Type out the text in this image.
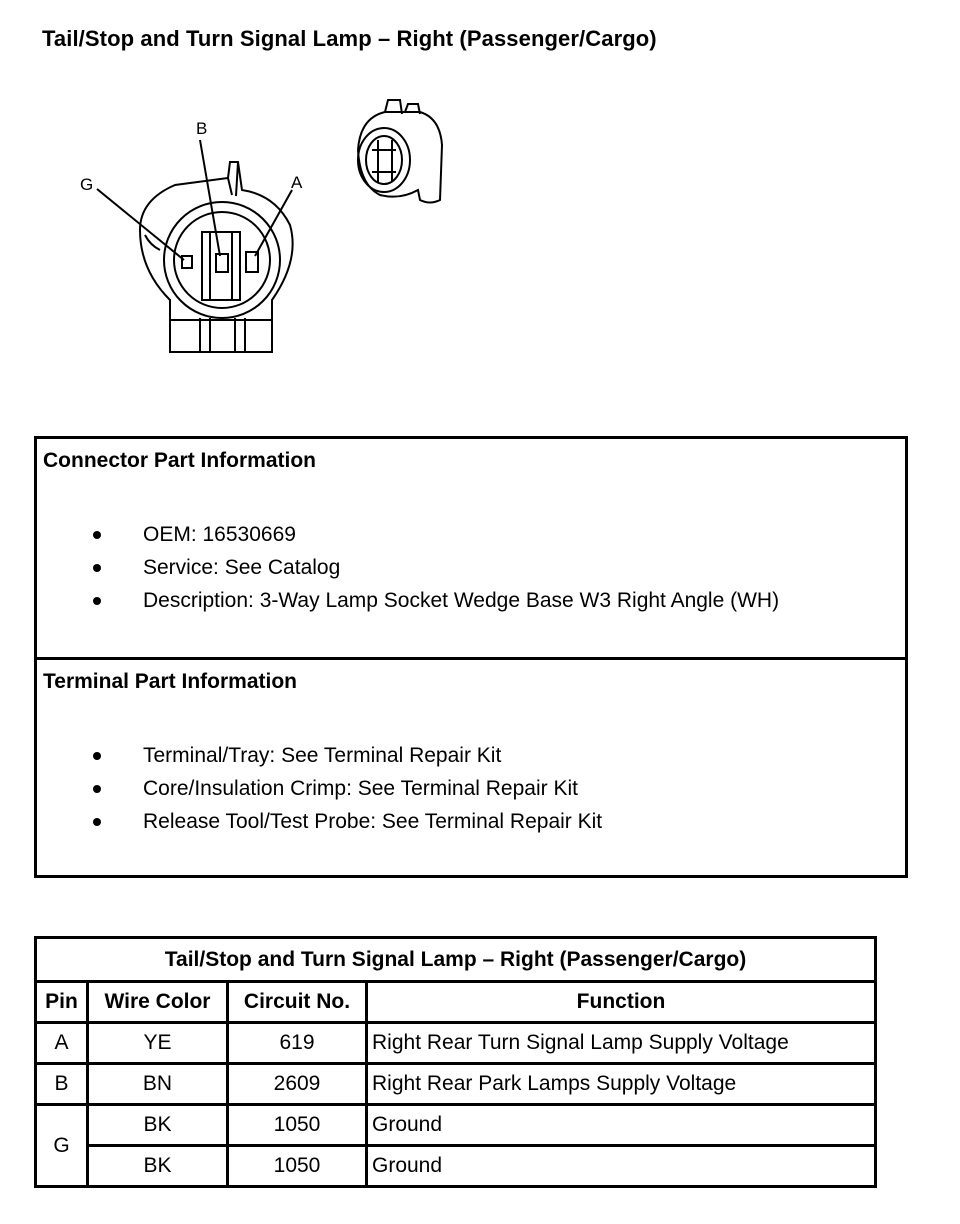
Tail/Stop and Turn Signal Lamp – Right (Passenger/Cargo)
B
G	A
Connector Part Information
OEM: 16530669
Service: See Catalog
Description: 3-Way Lamp Socket Wedge Base W3 Right Angle (WH)
Terminal Part Information
Terminal/Tray: See Terminal Repair Kit
Core/Insulation Crimp: See Terminal Repair Kit
Release Tool/Test Probe: See Terminal Repair Kit
Tail/Stop and Turn Signal Lamp – Right (Passenger/Cargo)			
Pin	Wire Color	Circuit No.	Function
A	YE	619	Right Rear Turn Signal Lamp Supply Voltage
B	BN	2609	Right Rear Park Lamps Supply Voltage
G	BK	1050	Ground
	BK	1050	Ground
